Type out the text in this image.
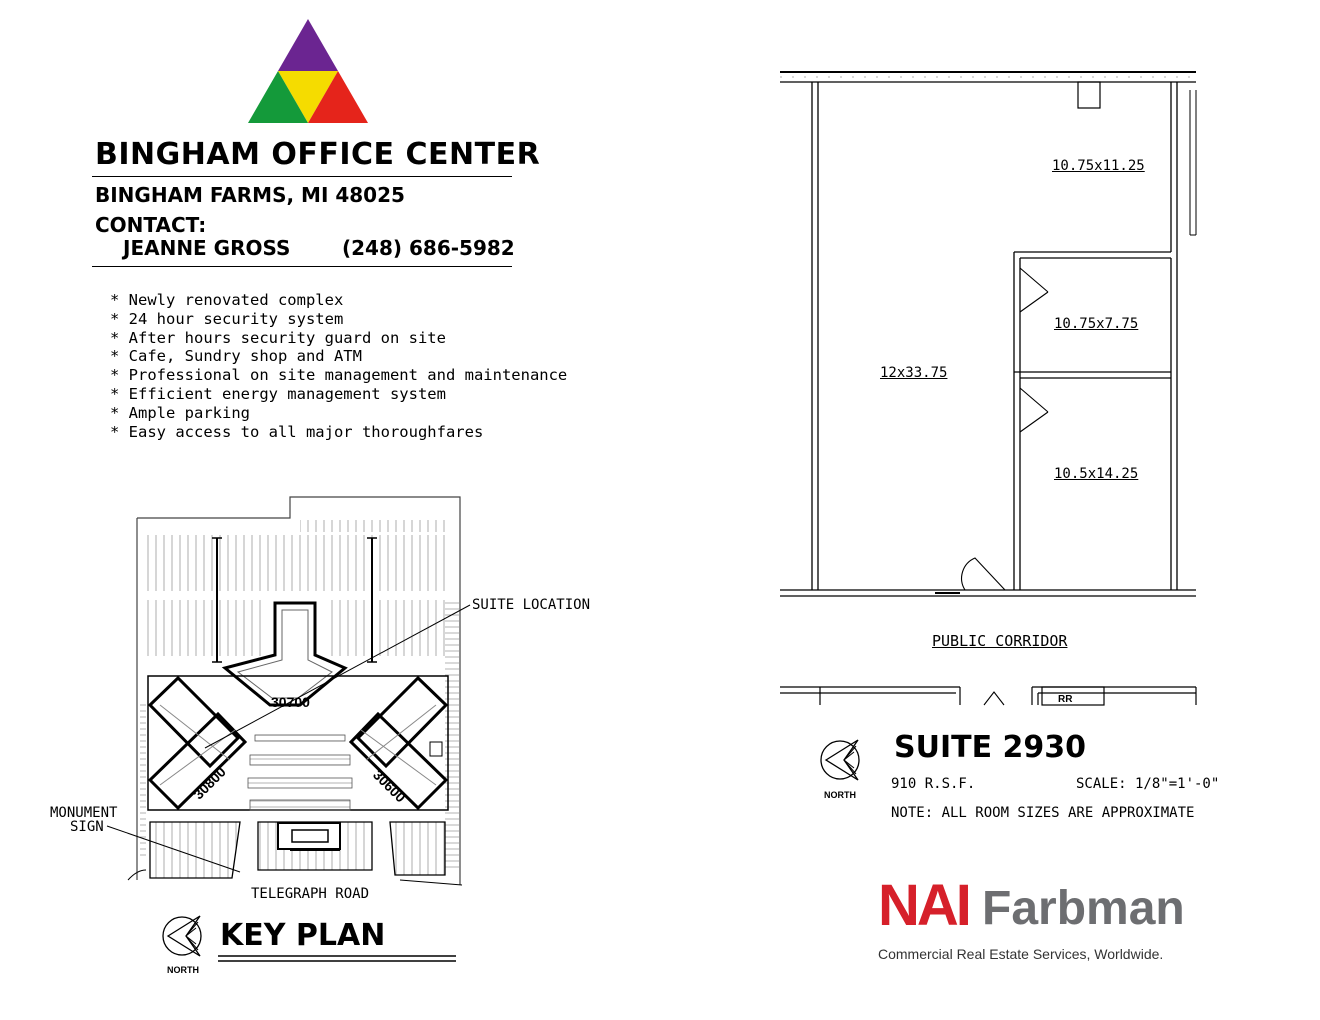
BINGHAM OFFICE CENTER
BINGHAM FARMS, MI 48025
CONTACT:
JEANNE GROSS	(248) 686-5982
* Newly renovated complex
* 24 hour security system
* After hours security guard on site
* Cafe, Sundry shop and ATM
* Professional on site management and maintenance
* Efficient energy management system
* Ample parking
* Easy access to all major thoroughfares
SUITE LOCATION
MONUMENT
SIGN
TELEGRAPH ROAD
30700
30800	30600
NORTH
KEY PLAN
RR
10.75x11.25
10.75x7.75
12x33.75
10.5x14.25
PUBLIC CORRIDOR
NORTH
SUITE 2930
910 R.S.F.	SCALE: 1/8"=1'-0"
NOTE: ALL ROOM SIZES ARE APPROXIMATE
NAI Farbman
Commercial Real Estate Services, Worldwide.
